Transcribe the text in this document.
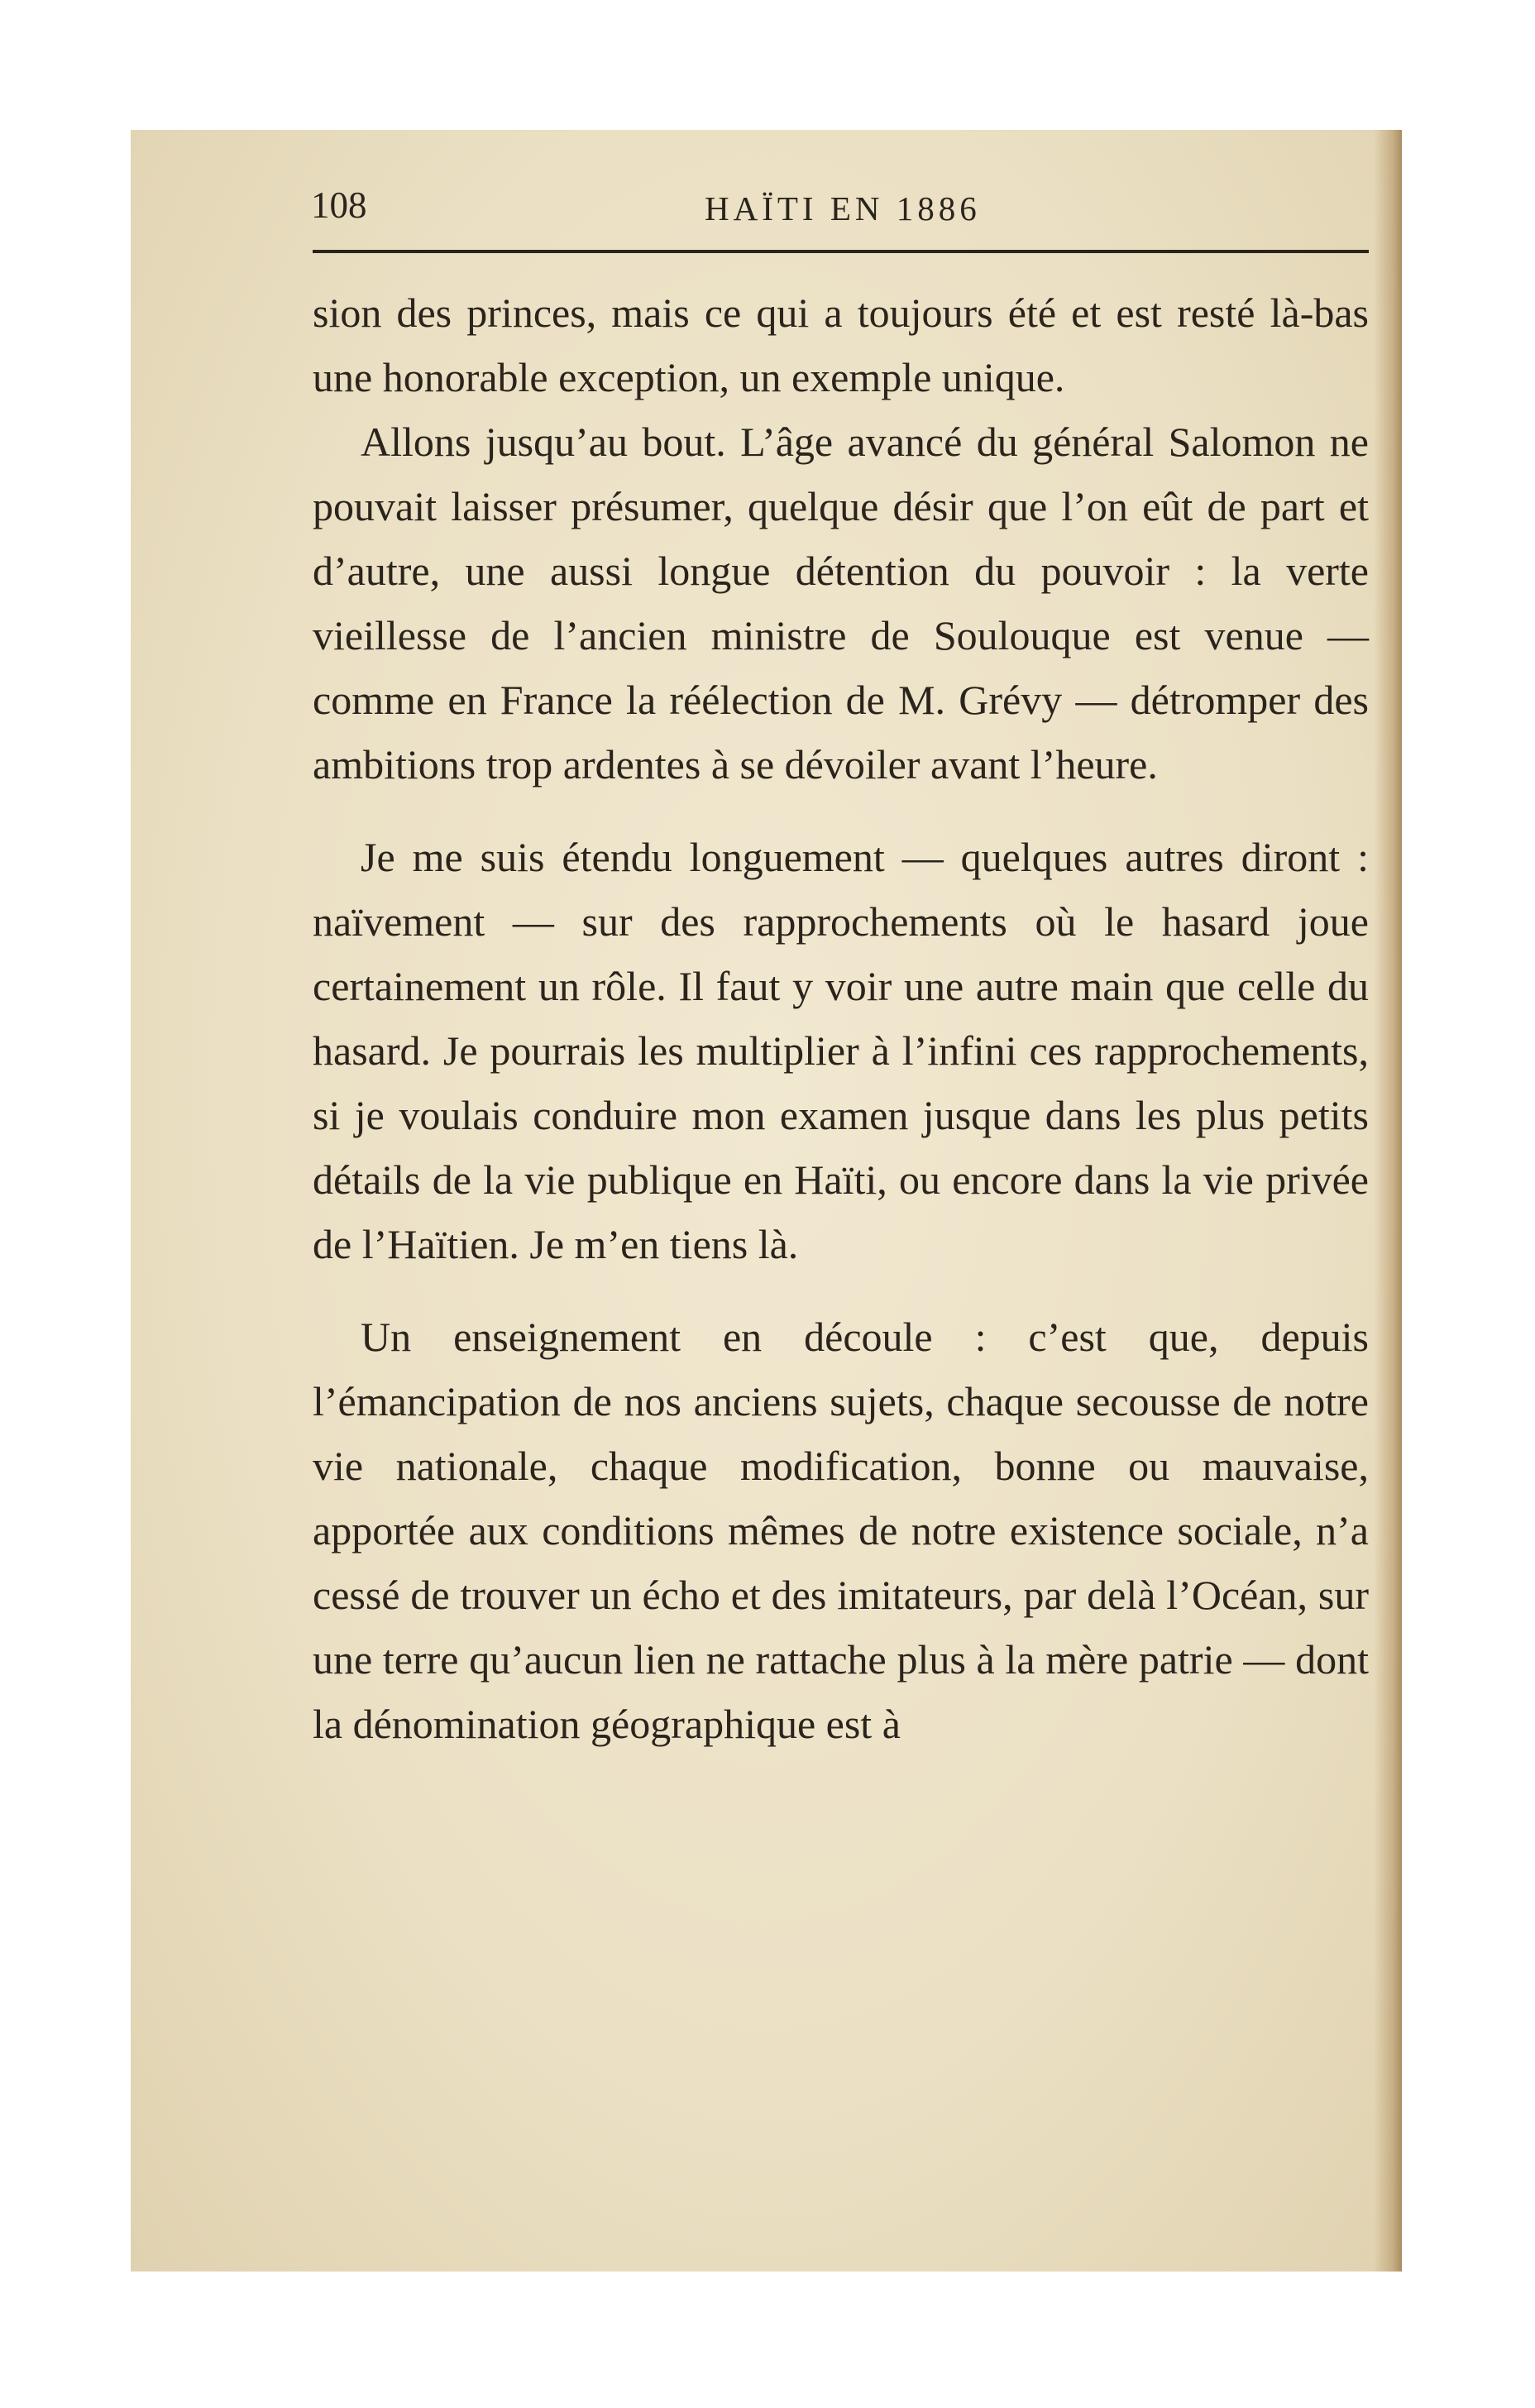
108	HAÏTI EN 1886

sion des princes, mais ce qui a toujours été et est resté là-bas une honorable exception, un exemple unique.

Allons jusqu’au bout. L’âge avancé du général Salomon ne pouvait laisser présumer, quelque désir que l’on eût de part et d’autre, une aussi longue détention du pouvoir : la verte vieillesse de l’ancien ministre de Soulouque est venue — comme en France la réélection de M. Grévy — détromper des ambitions trop ardentes à se dévoiler avant l’heure.

Je me suis étendu longuement — quelques autres diront : naïvement — sur des rapprochements où le hasard joue certainement un rôle. Il faut y voir une autre main que celle du hasard. Je pourrais les multiplier à l’infini ces rapprochements, si je voulais conduire mon examen jusque dans les plus petits détails de la vie publique en Haïti, ou encore dans la vie privée de l’Haïtien. Je m’en tiens là.

Un enseignement en découle : c’est que, depuis l’émancipation de nos anciens sujets, chaque secousse de notre vie nationale, chaque modification, bonne ou mauvaise, apportée aux conditions mêmes de notre existence sociale, n’a cessé de trouver un écho et des imitateurs, par delà l’Océan, sur une terre qu’aucun lien ne rattache plus à la mère patrie — dont la dénomination géographique est à
